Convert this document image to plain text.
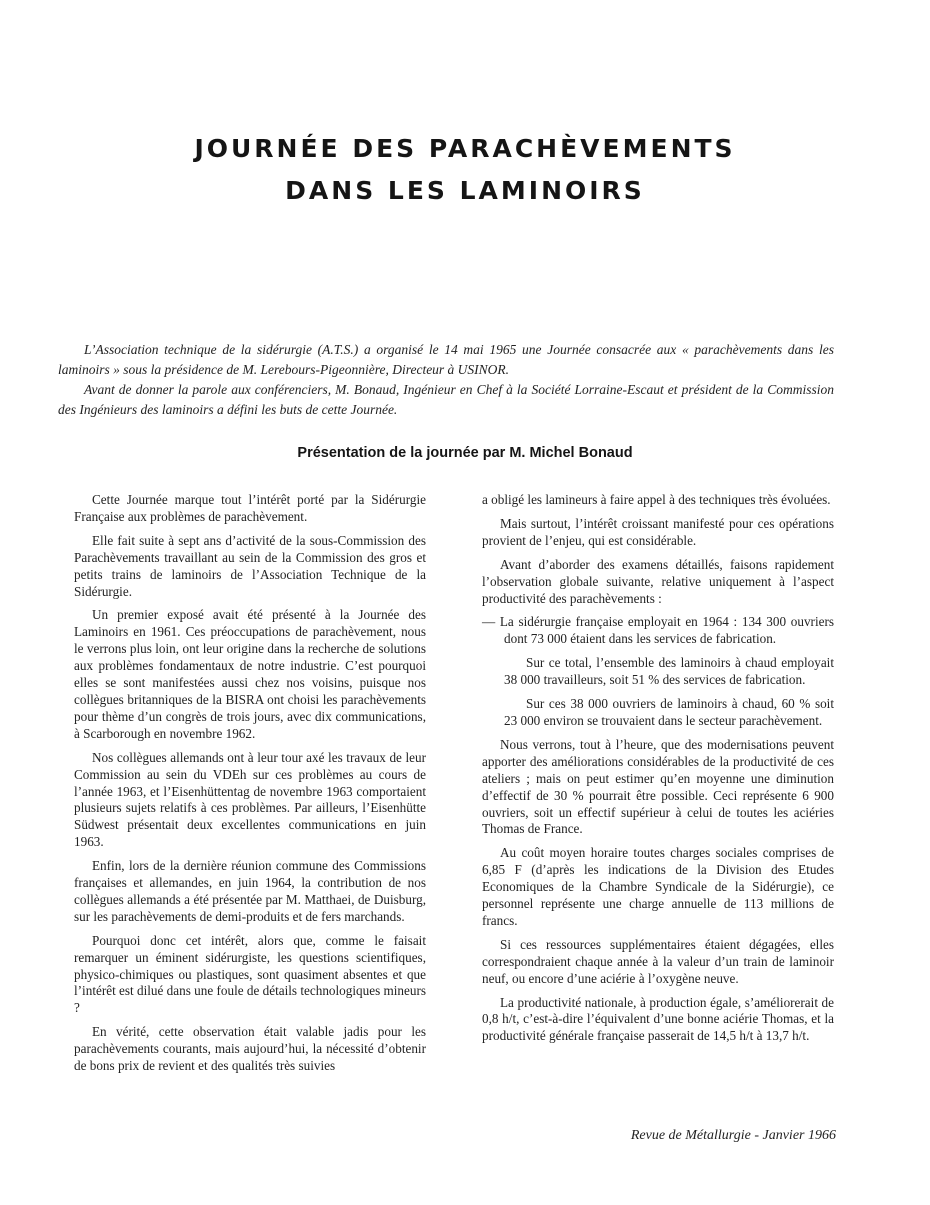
JOURNÉE DES PARACHÈVEMENTS
DANS LES LAMINOIRS

L’Association technique de la sidérurgie (A.T.S.) a organisé le 14 mai 1965 une Journée consacrée aux « parachèvements dans les laminoirs » sous la présidence de M. Lerebours-Pigeonnière, Directeur à USINOR.

Avant de donner la parole aux conférenciers, M. Bonaud, Ingénieur en Chef à la Société Lorraine-Escaut et président de la Commission des Ingénieurs des laminoirs a défini les buts de cette Journée.

Présentation de la journée par M. Michel Bonaud

Cette Journée marque tout l’intérêt porté par la Sidérurgie Française aux problèmes de parachèvement.

Elle fait suite à sept ans d’activité de la sous-Commission des Parachèvements travaillant au sein de la Commission des gros et petits trains de laminoirs de l’Association Technique de la Sidérurgie.

Un premier exposé avait été présenté à la Journée des Laminoirs en 1961. Ces préoccupations de parachèvement, nous le verrons plus loin, ont leur origine dans la recherche de solutions aux problèmes fondamentaux de notre industrie. C’est pourquoi elles se sont manifestées aussi chez nos voisins, puisque nos collègues britanniques de la BISRA ont choisi les parachèvements pour thème d’un congrès de trois jours, avec dix communications, à Scarborough en novembre 1962.

Nos collègues allemands ont à leur tour axé les travaux de leur Commission au sein du VDEh sur ces problèmes au cours de l’année 1963, et l’Eisenhüttentag de novembre 1963 comportaient plusieurs sujets relatifs à ces problèmes. Par ailleurs, l’Eisenhütte Südwest présentait deux excellentes communications en juin 1963.

Enfin, lors de la dernière réunion commune des Commissions françaises et allemandes, en juin 1964, la contribution de nos collègues allemands a été présentée par M. Matthaei, de Duisburg, sur les parachèvements de demi-produits et de fers marchands.

Pourquoi donc cet intérêt, alors que, comme le faisait remarquer un éminent sidérurgiste, les questions scientifiques, physico-chimiques ou plastiques, sont quasiment absentes et que l’intérêt est dilué dans une foule de détails technologiques mineurs ?

En vérité, cette observation était valable jadis pour les parachèvements courants, mais aujourd’hui, la nécessité d’obtenir de bons prix de revient et des qualités très suivies

a obligé les lamineurs à faire appel à des techniques très évoluées.

Mais surtout, l’intérêt croissant manifesté pour ces opérations provient de l’enjeu, qui est considérable.

Avant d’aborder des examens détaillés, faisons rapidement l’observation globale suivante, relative uniquement à l’aspect productivité des parachèvements :

— La sidérurgie française employait en 1964 : 134 300 ouvriers dont 73 000 étaient dans les services de fabrication.

Sur ce total, l’ensemble des laminoirs à chaud employait 38 000 travailleurs, soit 51 % des services de fabrication.

Sur ces 38 000 ouvriers de laminoirs à chaud, 60 % soit 23 000 environ se trouvaient dans le secteur parachèvement.

Nous verrons, tout à l’heure, que des modernisations peuvent apporter des améliorations considérables de la productivité de ces ateliers ; mais on peut estimer qu’en moyenne une diminution d’effectif de 30 % pourrait être possible. Ceci représente 6 900 ouvriers, soit un effectif supérieur à celui de toutes les aciéries Thomas de France.

Au coût moyen horaire toutes charges sociales comprises de 6,85 F (d’après les indications de la Division des Etudes Economiques de la Chambre Syndicale de la Sidérurgie), ce personnel représente une charge annuelle de 113 millions de francs.

Si ces ressources supplémentaires étaient dégagées, elles correspondraient chaque année à la valeur d’un train de laminoir neuf, ou encore d’une aciérie à l’oxygène neuve.

La productivité nationale, à production égale, s’améliorerait de 0,8 h/t, c’est-à-dire l’équivalent d’une bonne aciérie Thomas, et la productivité générale française passerait de 14,5 h/t à 13,7 h/t.

Revue de Métallurgie - Janvier 1966
